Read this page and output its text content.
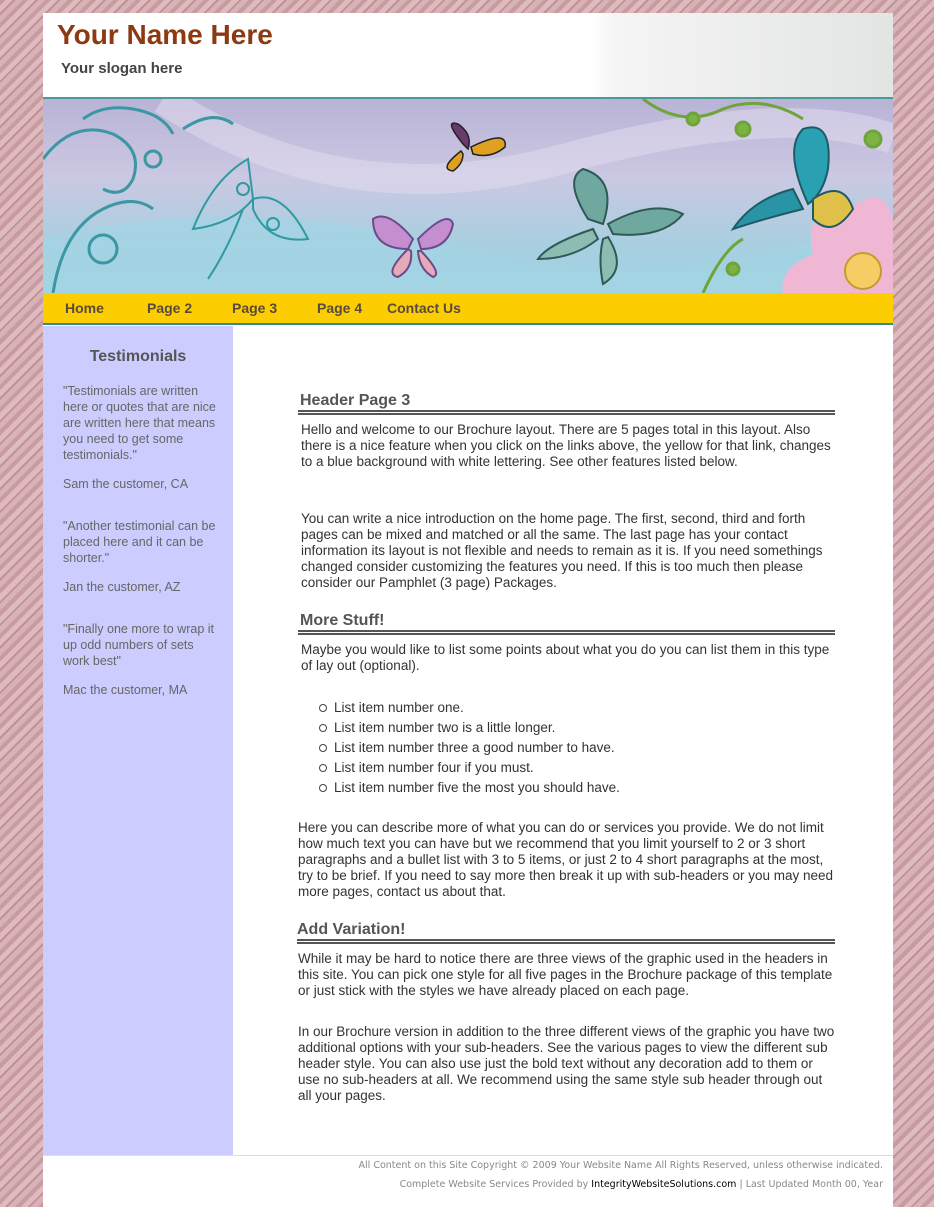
Your Name Here
Your slogan here
Home	Page 2	Page 3	Page 4 Contact Us
Testimonials
"Testimonials are written here or quotes that are nice are written here that means you need to get some testimonials."
Sam the customer, CA
"Another testimonial can be placed here and it can be shorter."
Jan the customer, AZ
"Finally one more to wrap it up odd numbers of sets work best"
Mac the customer, MA
Header Page 3
Hello and welcome to our Brochure layout. There are 5 pages total in this layout. Also there is a nice feature when you click on the links above, the yellow for that link, changes to a blue background with white lettering. See other features listed below.
You can write a nice introduction on the home page. The first, second, third and forth pages can be mixed and matched or all the same. The last page has your contact information its layout is not flexible and needs to remain as it is. If you need somethings changed consider customizing the features you need. If this is too much then please consider our Pamphlet (3 page) Packages.
More Stuff!
Maybe you would like to list some points about what you do you can list them in this type of lay out (optional).
List item number one.
List item number two is a little longer.
List item number three a good number to have.
List item number four if you must.
List item number five the most you should have.
Here you can describe more of what you can do or services you provide. We do not limit how much text you can have but we recommend that you limit yourself to 2 or 3 short paragraphs and a bullet list with 3 to 5 items, or just 2 to 4 short paragraphs at the most, try to be brief. If you need to say more then break it up with sub-headers or you may need more pages, contact us about that.
Add Variation!
While it may be hard to notice there are three views of the graphic used in the headers in this site. You can pick one style for all five pages in the Brochure package of this template or just stick with the styles we have already placed on each page.
In our Brochure version in addition to the three different views of the graphic you have two additional options with your sub-headers. See the various pages to view the different sub header style. You can also use just the bold text without any decoration add to them or use no sub-headers at all. We recommend using the same style sub header through out all your pages.
All Content on this Site Copyright © 2009 Your Website Name All Rights Reserved, unless otherwise indicated.
Complete Website Services Provided by IntegrityWebsiteSolutions.com | Last Updated Month 00, Year
